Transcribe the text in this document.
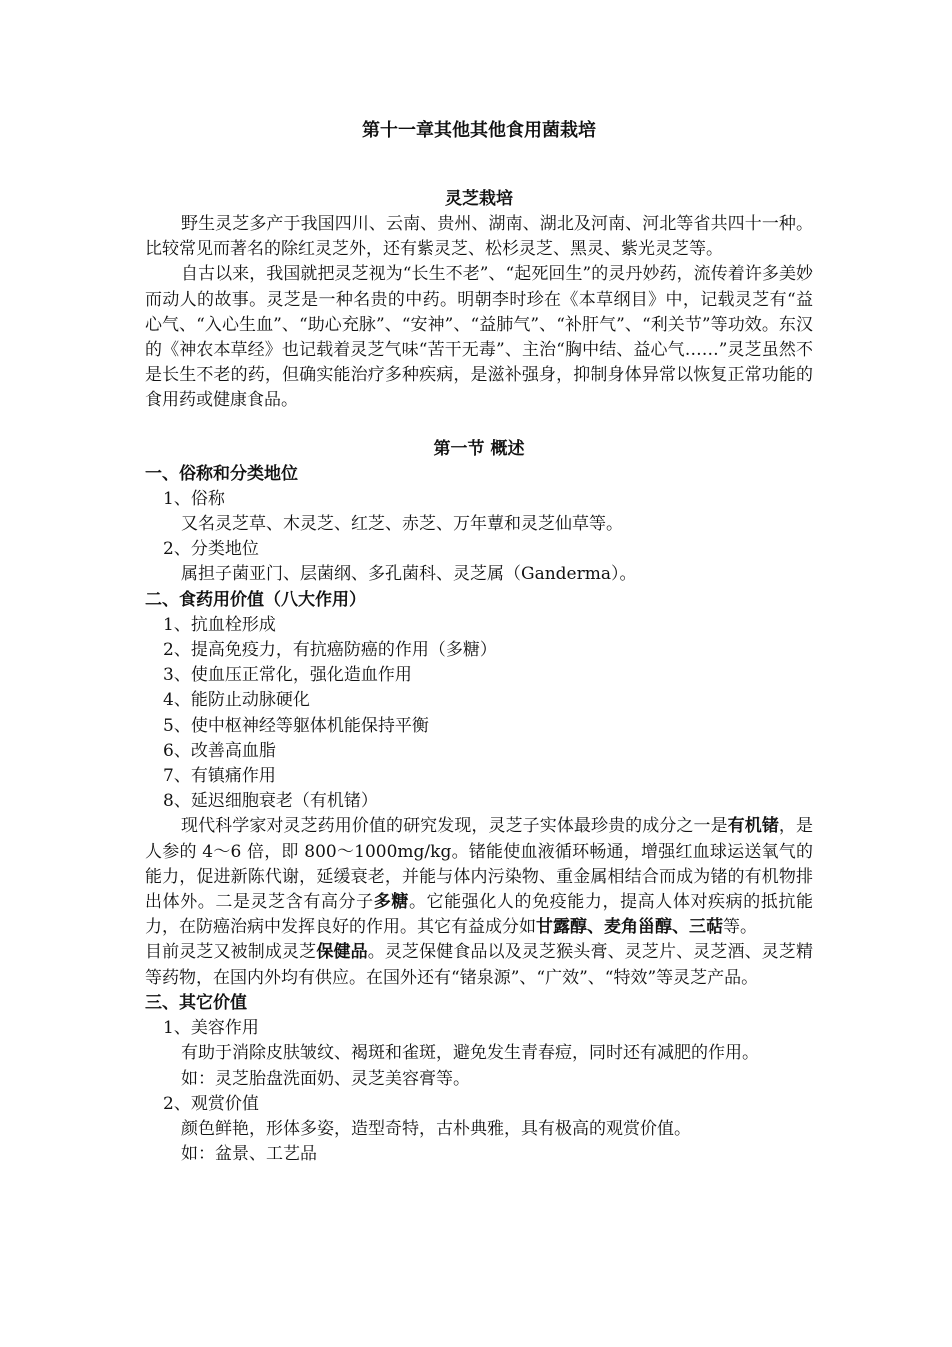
第十一章其他其他食用菌栽培
灵芝栽培

野生灵芝多产于我国四川、云南、贵州、湖南、湖北及河南、河北等省共四十一种。比较常见而著名的除红灵芝外，还有紫灵芝、松杉灵芝、黑灵、紫光灵芝等。

自古以来，我国就把灵芝视为“长生不老”、“起死回生”的灵丹妙药，流传着许多美妙而动人的故事。灵芝是一种名贵的中药。明朝李时珍在《本草纲目》中，记载灵芝有“益心气、“入心生血”、“助心充脉”、“安神”、“益肺气”、“补肝气”、“利关节”等功效。东汉的《神农本草经》也记载着灵芝气味“苦干无毒”、主治“胸中结、益心气……”灵芝虽然不是长生不老的药，但确实能治疗多种疾病，是滋补强身，抑制身体异常以恢复正常功能的食用药或健康食品。

第一节 概述

一、俗称和分类地位

1、俗称

又名灵芝草、木灵芝、红芝、赤芝、万年蕈和灵芝仙草等。

2、分类地位

属担子菌亚门、层菌纲、多孔菌科、灵芝属（Ganderma）。

二、食药用价值（八大作用）

1、抗血栓形成

2、提高免疫力，有抗癌防癌的作用（多糖）

3、使血压正常化，强化造血作用

4、能防止动脉硬化

5、使中枢神经等躯体机能保持平衡

6、改善高血脂

7、有镇痛作用

8、延迟细胞衰老（有机锗）

现代科学家对灵芝药用价值的研究发现，灵芝子实体最珍贵的成分之一是有机锗，是人参的 4～6 倍，即 800～1000mg/kg。锗能使血液循环畅通，增强红血球运送氧气的能力，促进新陈代谢，延缓衰老，并能与体内污染物、重金属相结合而成为锗的有机物排出体外。二是灵芝含有高分子多糖。它能强化人的免疫能力，提高人体对疾病的抵抗能力，在防癌治病中发挥良好的作用。其它有益成分如甘露醇、麦角甾醇、三萜等。

目前灵芝又被制成灵芝保健品。灵芝保健食品以及灵芝猴头膏、灵芝片、灵芝酒、灵芝精等药物，在国内外均有供应。在国外还有“锗泉源”、“广效”、“特效”等灵芝产品。

三、其它价值

1、美容作用

有助于消除皮肤皱纹、褐斑和雀斑，避免发生青春痘，同时还有减肥的作用。

如：灵芝胎盘洗面奶、灵芝美容膏等。

2、观赏价值

颜色鲜艳，形体多姿，造型奇特，古朴典雅，具有极高的观赏价值。

如：盆景、工艺品
